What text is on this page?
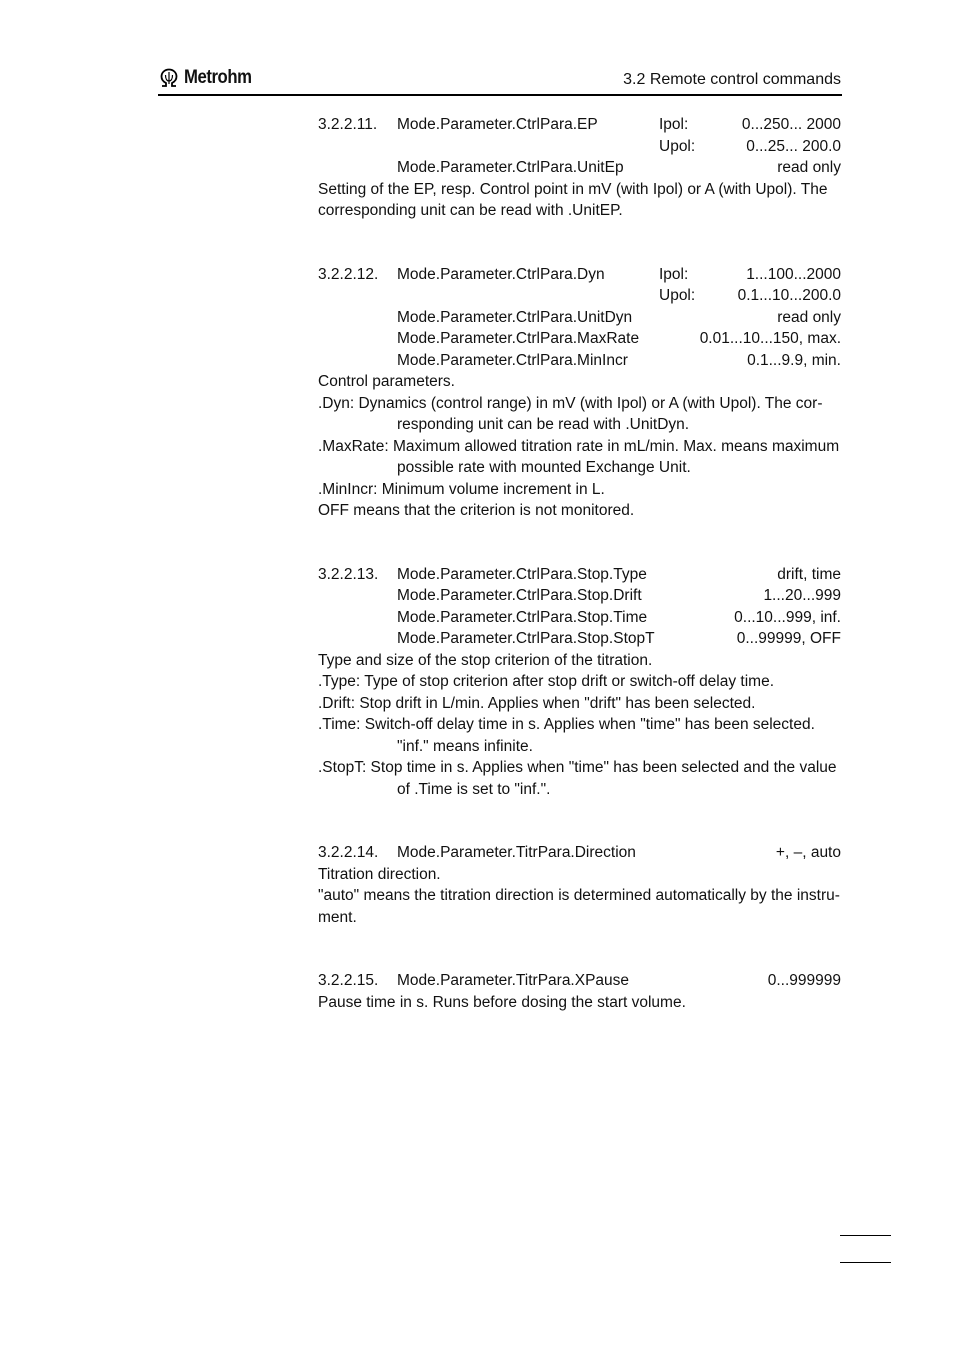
Metrohm	3.2 Remote control commands
3.2.2.11. Mode.Parameter.CtrlPara.EP	Ipol:	0...250... 2000
Upol:	0...25... 200.0
Mode.Parameter.CtrlPara.UnitEp	read only
Setting of the EP, resp. Control point in mV (with Ipol) or A (with Upol). The
corresponding unit can be read with .UnitEP.
3.2.2.12. Mode.Parameter.CtrlPara.Dyn	Ipol:	1...100...2000
Upol:	0.1...10...200.0
Mode.Parameter.CtrlPara.UnitDyn	read only
Mode.Parameter.CtrlPara.MaxRate	0.01...10...150, max.
Mode.Parameter.CtrlPara.MinIncr	0.1...9.9, min.
Control parameters.
.Dyn: Dynamics (control range) in mV (with Ipol) or A (with Upol). The cor-
responding unit can be read with .UnitDyn.
.MaxRate: Maximum allowed titration rate in mL/min. Max. means maximum
possible rate with mounted Exchange Unit.
.MinIncr: Minimum volume increment in L.
OFF means that the criterion is not monitored.
3.2.2.13. Mode.Parameter.CtrlPara.Stop.Type	drift, time
Mode.Parameter.CtrlPara.Stop.Drift	1...20...999
Mode.Parameter.CtrlPara.Stop.Time	0...10...999, inf.
Mode.Parameter.CtrlPara.Stop.StopT	0...99999, OFF
Type and size of the stop criterion of the titration.
.Type: Type of stop criterion after stop drift or switch-off delay time.
.Drift: Stop drift in L/min. Applies when "drift" has been selected.
.Time: Switch-off delay time in s. Applies when "time" has been selected.
"inf." means infinite.
.StopT: Stop time in s. Applies when "time" has been selected and the value
of .Time is set to "inf.".
3.2.2.14. Mode.Parameter.TitrPara.Direction	+, –, auto
Titration direction.
"auto" means the titration direction is determined automatically by the instru-
ment.
3.2.2.15. Mode.Parameter.TitrPara.XPause	0...999999
Pause time in s. Runs before dosing the start volume.
